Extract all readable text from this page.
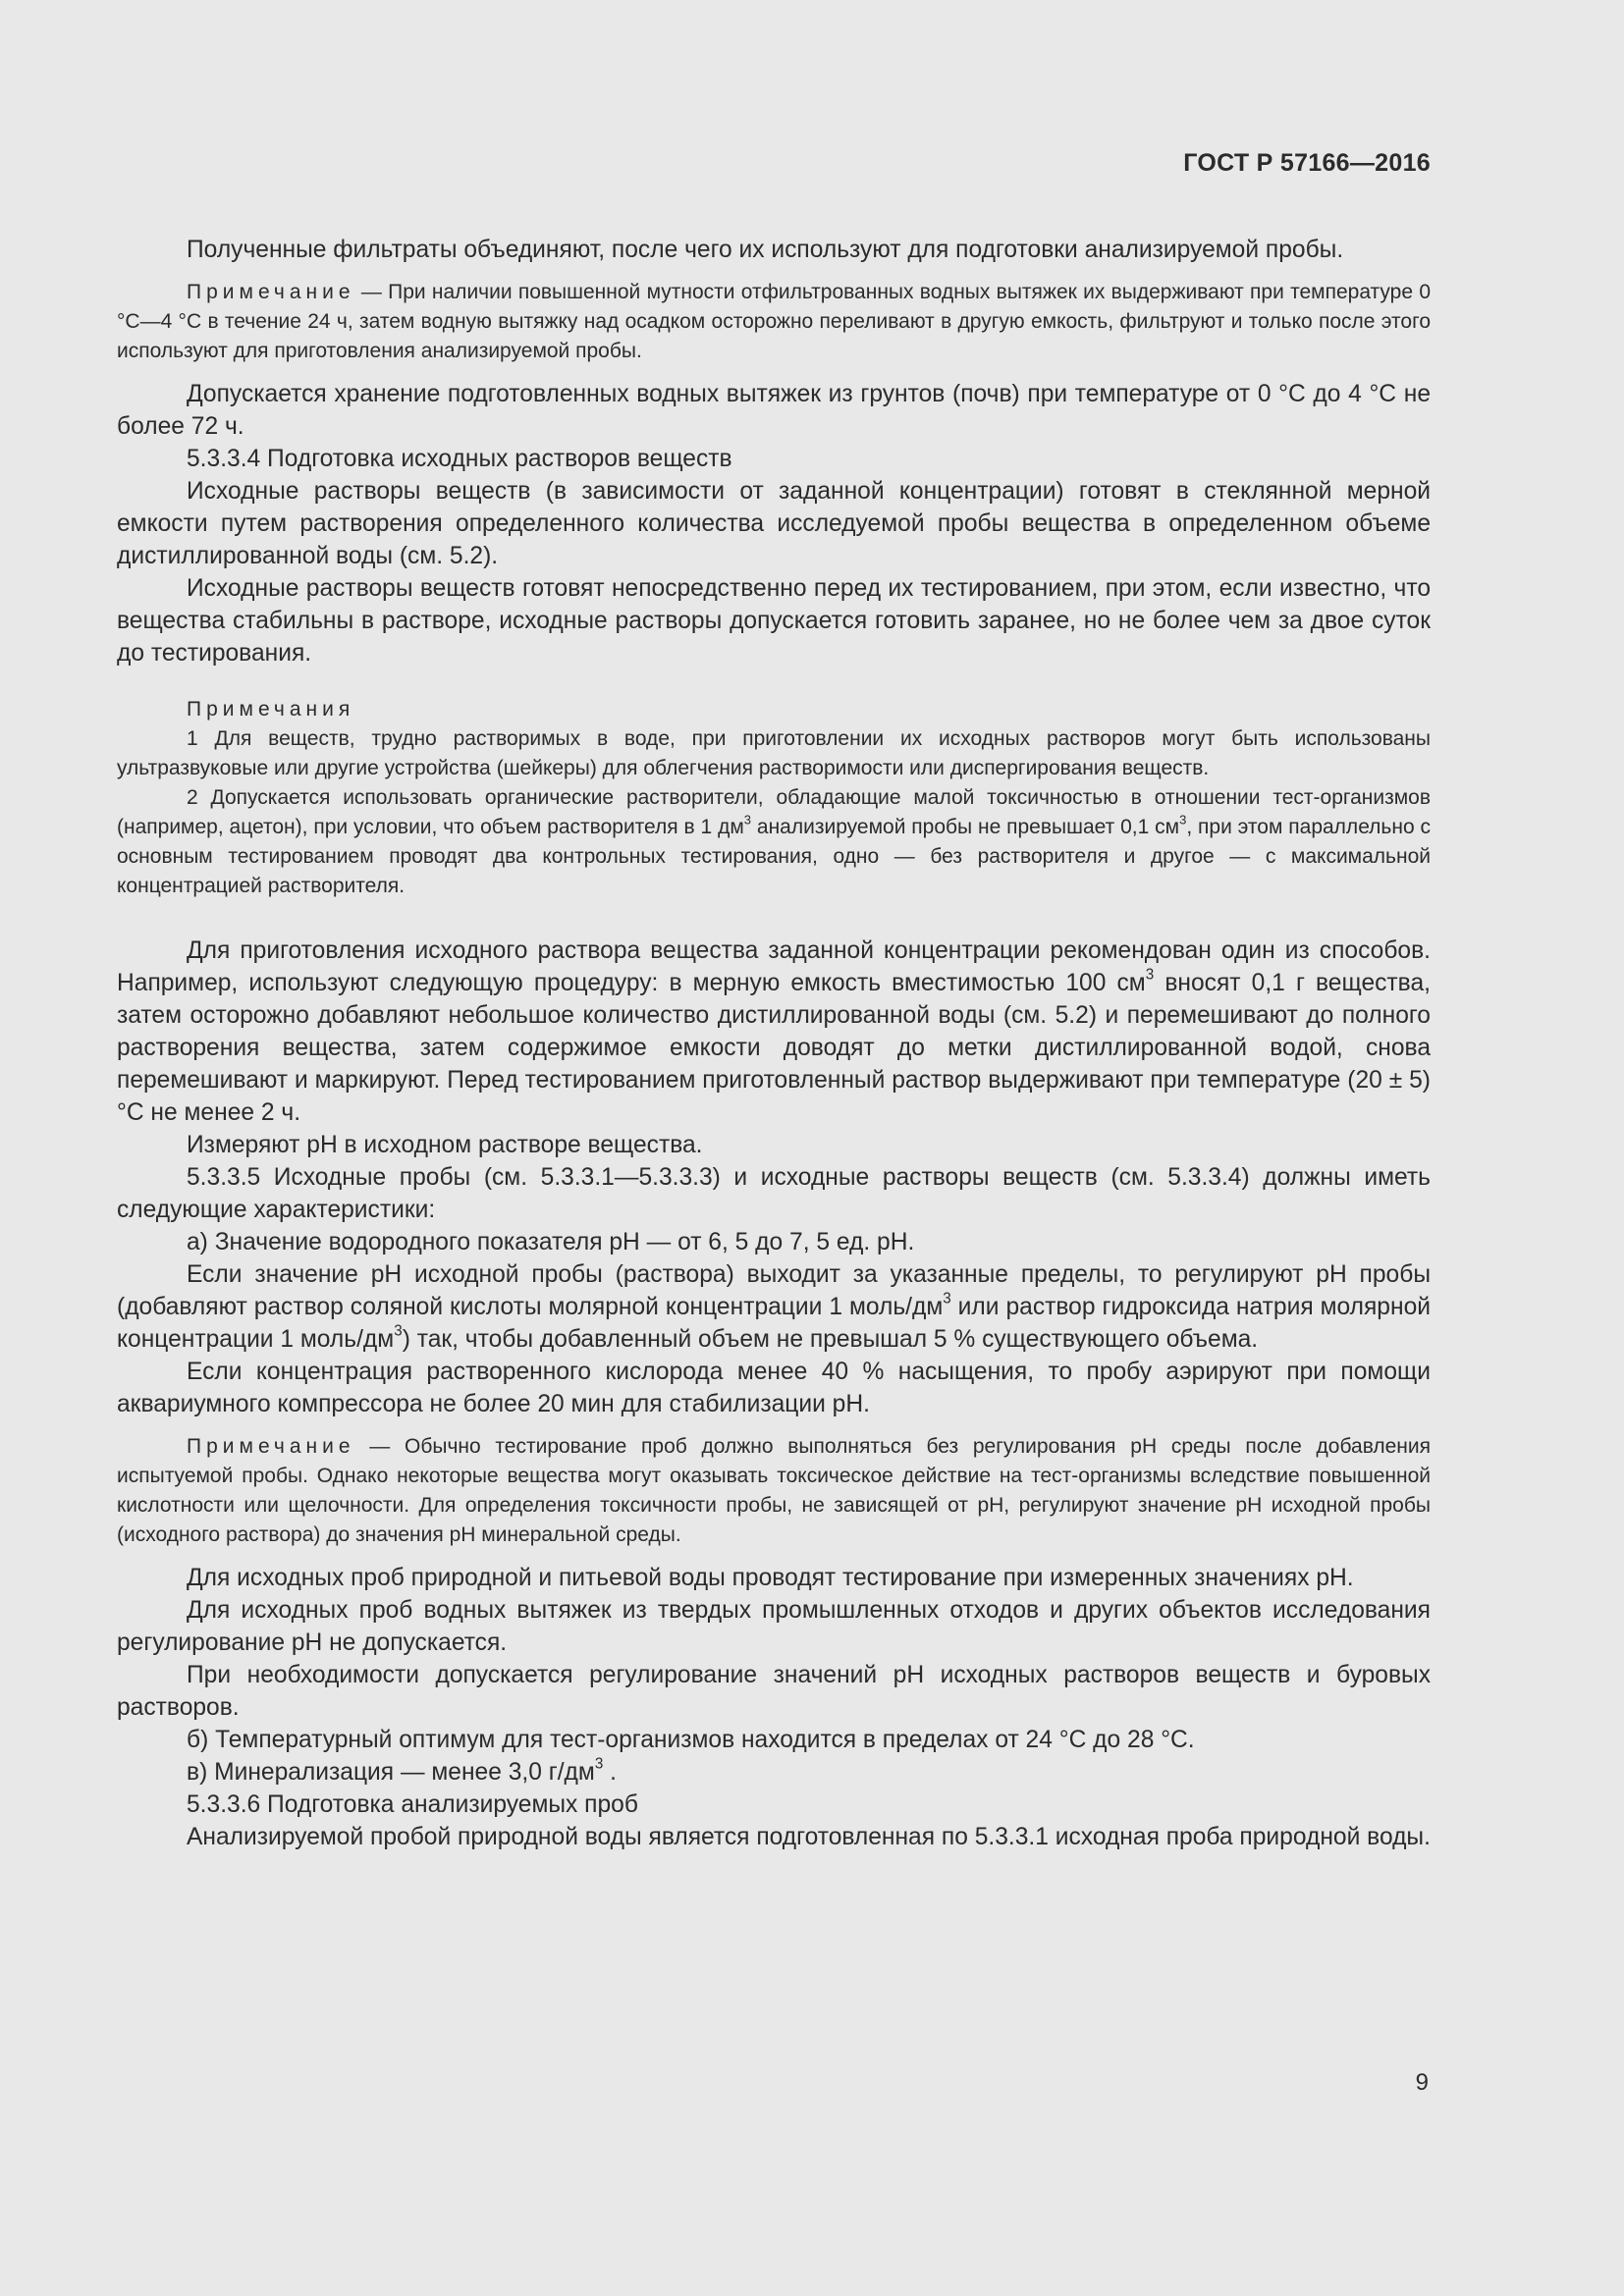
ГОСТ Р 57166—2016

Полученные фильтраты объединяют, после чего их используют для подготовки анализируемой пробы.

Примечание — При наличии повышенной мутности отфильтрованных водных вытяжек их выдерживают при температуре 0 °С—4 °С в течение 24 ч, затем водную вытяжку над осадком осторожно переливают в другую емкость, фильтруют и только после этого используют для приготовления анализируемой пробы.

Допускается хранение подготовленных водных вытяжек из грунтов (почв) при температуре от 0 °С до 4 °С не более 72 ч.

5.3.3.4 Подготовка исходных растворов веществ

Исходные растворы веществ (в зависимости от заданной концентрации) готовят в стеклянной мерной емкости путем растворения определенного количества исследуемой пробы вещества в определенном объеме дистиллированной воды (см. 5.2).

Исходные растворы веществ готовят непосредственно перед их тестированием, при этом, если известно, что вещества стабильны в растворе, исходные растворы допускается готовить заранее, но не более чем за двое суток до тестирования.

Примечания

1 Для веществ, трудно растворимых в воде, при приготовлении их исходных растворов могут быть использованы ультразвуковые или другие устройства (шейкеры) для облегчения растворимости или диспергирования веществ.

2 Допускается использовать органические растворители, обладающие малой токсичностью в отношении тест-организмов (например, ацетон), при условии, что объем растворителя в 1 $дм^3$ анализируемой пробы не превышает 0,1 $см^3$, при этом параллельно с основным тестированием проводят два контрольных тестирования, одно — без растворителя и другое — с максимальной концентрацией растворителя.

Для приготовления исходного раствора вещества заданной концентрации рекомендован один из способов. Например, используют следующую процедуру: в мерную емкость вместимостью 100 $см^3$ вносят 0,1 г вещества, затем осторожно добавляют небольшое количество дистиллированной воды (см. 5.2) и перемешивают до полного растворения вещества, затем содержимое емкости доводят до метки дистиллированной водой, снова перемешивают и маркируют. Перед тестированием приготовленный раствор выдерживают при температуре (20 ± 5) °С не менее 2 ч.

Измеряют рН в исходном растворе вещества.

5.3.3.5 Исходные пробы (см. 5.3.3.1—5.3.3.3) и исходные растворы веществ (см. 5.3.3.4) должны иметь следующие характеристики:

а) Значение водородного показателя рН — от 6, 5 до 7, 5 ед. рН.

Если значение рН исходной пробы (раствора) выходит за указанные пределы, то регулируют рН пробы (добавляют раствор соляной кислоты молярной концентрации 1 моль/$дм^3$ или раствор гидроксида натрия молярной концентрации 1 моль/$дм^3$) так, чтобы добавленный объем не превышал 5 % существующего объема.

Если концентрация растворенного кислорода менее 40 % насыщения, то пробу аэрируют при помощи аквариумного компрессора не более 20 мин для стабилизации рН.

Примечание — Обычно тестирование проб должно выполняться без регулирования рН среды после добавления испытуемой пробы. Однако некоторые вещества могут оказывать токсическое действие на тест-организмы вследствие повышенной кислотности или щелочности. Для определения токсичности пробы, не зависящей от рН, регулируют значение рН исходной пробы (исходного раствора) до значения рН минеральной среды.

Для исходных проб природной и питьевой воды проводят тестирование при измеренных значениях рН.

Для исходных проб водных вытяжек из твердых промышленных отходов и других объектов исследования регулирование рН не допускается.

При необходимости допускается регулирование значений рН исходных растворов веществ и буровых растворов.

б) Температурный оптимум для тест-организмов находится в пределах от 24 °С до 28 °С.

в) Минерализация — менее 3,0 $г/дм^3$ .

5.3.3.6 Подготовка анализируемых проб

Анализируемой пробой природной воды является подготовленная по 5.3.3.1 исходная проба природной воды.

9
